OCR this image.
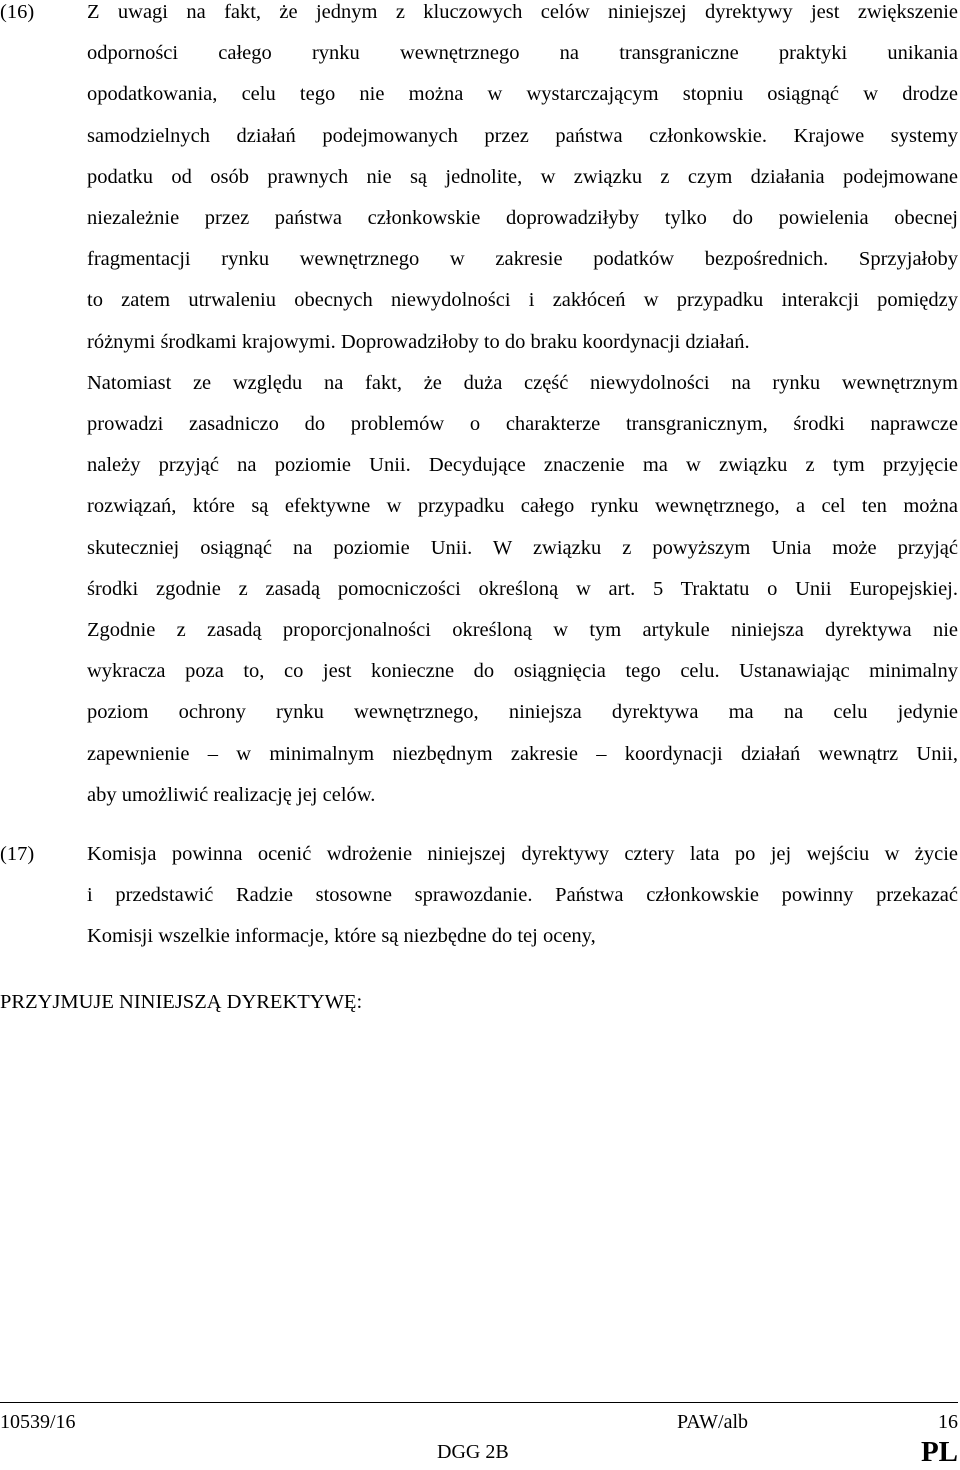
(16)	Z uwagi na fakt, że jednym z kluczowych celów niniejszej dyrektywy jest zwiększenie
odporności całego rynku wewnętrznego na transgraniczne praktyki unikania
opodatkowania, celu tego nie można w wystarczającym stopniu osiągnąć w drodze
samodzielnych działań podejmowanych przez państwa członkowskie. Krajowe systemy
podatku od osób prawnych nie są jednolite, w związku z czym działania podejmowane
niezależnie przez państwa członkowskie doprowadziłyby tylko do powielenia obecnej
fragmentacji rynku wewnętrznego w zakresie podatków bezpośrednich. Sprzyjałoby
to zatem utrwaleniu obecnych niewydolności i zakłóceń w przypadku interakcji pomiędzy
różnymi środkami krajowymi. Doprowadziłoby to do braku koordynacji działań.
Natomiast ze względu na fakt, że duża część niewydolności na rynku wewnętrznym
prowadzi zasadniczo do problemów o charakterze transgranicznym, środki naprawcze
należy przyjąć na poziomie Unii. Decydujące znaczenie ma w związku z tym przyjęcie
rozwiązań, które są efektywne w przypadku całego rynku wewnętrznego, a cel ten można
skuteczniej osiągnąć na poziomie Unii. W związku z powyższym Unia może przyjąć
środki zgodnie z zasadą pomocniczości określoną w art. 5 Traktatu o Unii Europejskiej.
Zgodnie z zasadą proporcjonalności określoną w tym artykule niniejsza dyrektywa nie
wykracza poza to, co jest konieczne do osiągnięcia tego celu. Ustanawiając minimalny
poziom ochrony rynku wewnętrznego, niniejsza dyrektywa ma na celu jedynie
zapewnienie – w minimalnym niezbędnym zakresie – koordynacji działań wewnątrz Unii,
aby umożliwić realizację jej celów.
(17)	Komisja powinna ocenić wdrożenie niniejszej dyrektywy cztery lata po jej wejściu w życie
i przedstawić Radzie stosowne sprawozdanie. Państwa członkowskie powinny przekazać
Komisji wszelkie informacje, które są niezbędne do tej oceny,
PRZYJMUJE NINIEJSZĄ DYREKTYWĘ:
10539/16	PAW/alb	16
DGG 2B	PL
